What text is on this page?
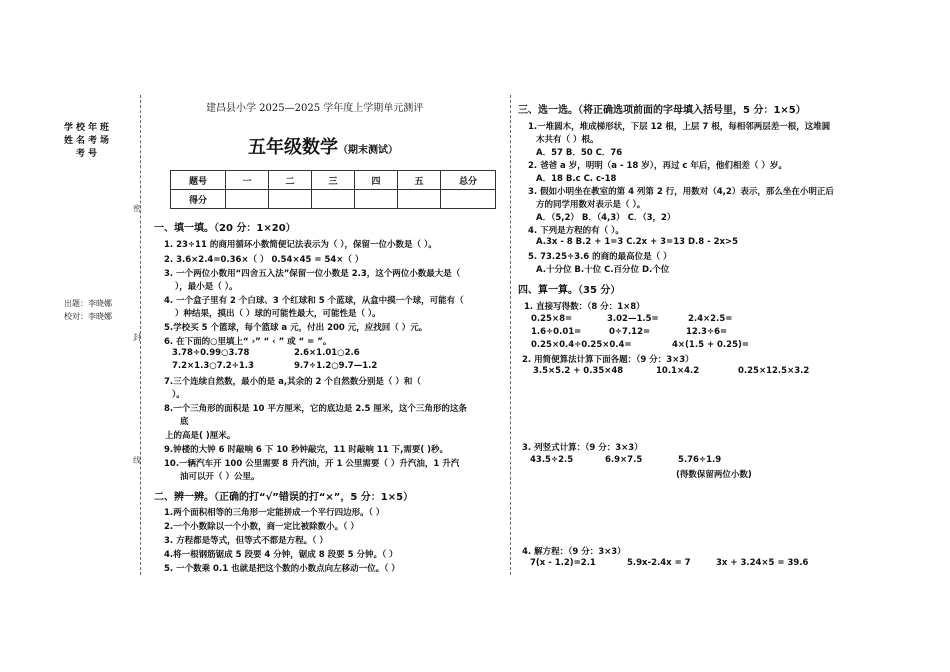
学校年班
姓名考场
考号
出题：李晓娜
校对：李晓娜
密
封
线
建昌县小学 2025—2025 学年度上学期单元测评
五年级数学（期末测试）
题号	一	二	三	四	五	总分
得分						
一、填一填。（20 分：1×20）
1. 23÷11 的商用循环小数简便记法表示为（ ），保留一位小数是（ ）。
2. 3.6×2.4=0.36×（ ） 0.54×45 = 54×（ ）
3. 一个两位小数用“四舍五入法”保留一位小数是 2.3，这个两位小数最大是（
），最小是（ ）。
4. 一个盒子里有 2 个白球、3 个红球和 5 个蓝球，从盒中摸一个球，可能有（
）种结果，摸出（ ）球的可能性最大，可能性是（ ）。
5.学校买 5 个篮球，每个篮球 a 元，付出 200 元，应找回（ ）元。
6. 在下面的○里填上“ ›” “ ‹ ” 或 “ = ”。
3.78÷0.99○3.78	2.6×1.01○2.6
7.2×1.3○7.2÷1.3	9.7÷1.2○9.7—1.2
7.三个连续自然数，最小的是 a,其余的 2 个自然数分别是（ ）和（
）。
8.一个三角形的面积是 10 平方厘米，它的底边是 2.5 厘米，这个三角形的这条
底
上的高是( )厘米。
9.钟楼的大钟 6 时敲响 6 下 10 秒钟敲完，11 时敲响 11 下,需要( )秒。
10.一辆汽车开 100 公里需要 8 升汽油，开 1 公里需要（ ）升汽油，1 升汽
油可以开（ ）公里。
二、辨一辨。（正确的打“√”错误的打“×”，5 分：1×5）
1.两个面积相等的三角形一定能拼成一个平行四边形。（ ）
2.一个小数除以一个小数，商一定比被除数小。（ ）
3. 方程都是等式，但等式不都是方程。（ ）
4.将一根钢筋锯成 5 段要 4 分钟，锯成 8 段要 5 分钟。（ ）
5. 一个数乘 0.1 也就是把这个数的小数点向左移动一位。（ ）
三、选一选。（将正确选项前面的字母填入括号里，5 分：1×5）
1.一堆圆木，堆成梯形状，下层 12 根，上层 7 根，每相邻两层差一根，这堆圆
木共有（ ）根。
A．57 B．50 C．76
2. 爸爸 a 岁，明明（a - 18 岁），再过 c 年后，他们相差（ ）岁。
A．18 B.c C. c-18
3. 假如小明坐在教室的第 4 列第 2 行，用数对（4,2）表示，那么坐在小明正后
方的同学用数对表示是（ ）。
A．（5,2） B．（4,3） C．（3，2）
4. 下列是方程的有（ ）。
A.3x - 8 B.2 + 1=3 C.2x + 3=13 D.8 - 2x>5
5. 73.25÷3.6 的商的最高位是（ ）
A.十分位 B.十位 C.百分位 D.个位
四、算一算。（35 分）
1. 直接写得数：（8 分：1×8）
0.25×8=	3.02—1.5=	2.4×2.5=
1.6÷0.01=	0÷7.12=	12.3÷6=
0.25×0.4÷0.25×0.4=	4×(1.5 + 0.25)=
2. 用简便算法计算下面各题：（9 分：3×3）
3.5×5.2 + 0.35×48	10.1×4.2	0.25×12.5×3.2
3. 列竖式计算：（9 分：3×3）
43.5÷2.5	6.9×7.5	5.76÷1.9
(得数保留两位小数)
4. 解方程：（9 分：3×3）
7(x - 1.2)=2.1	5.9x-2.4x = 7	3x + 3.24×5 = 39.6
